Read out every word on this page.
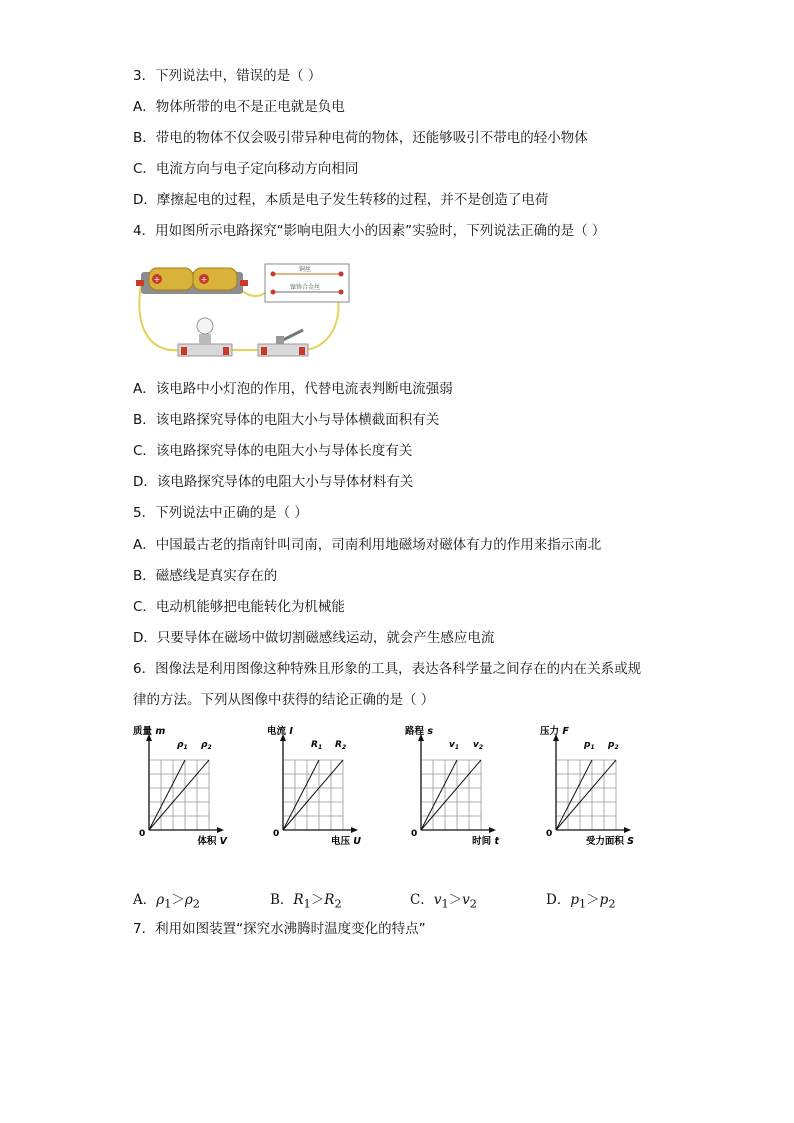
3．下列说法中，错误的是（ ）
A．物体所带的电不是正电就是负电
B．带电的物体不仅会吸引带异种电荷的物体，还能够吸引不带电的轻小物体
C．电流方向与电子定向移动方向相同
D．摩擦起电的过程，本质是电子发生转移的过程，并不是创造了电荷
4．用如图所示电路探究“影响电阻大小的因素”实验时，下列说法正确的是（ ）
+	+
铜丝
镍铬合金丝
A．该电路中小灯泡的作用，代替电流表判断电流强弱
B．该电路探究导体的电阻大小与导体横截面积有关
C．该电路探究导体的电阻大小与导体长度有关
D．该电路探究导体的电阻大小与导体材料有关
5．下列说法中正确的是（ ）
A．中国最古老的指南针叫司南，司南利用地磁场对磁体有力的作用来指示南北
B．磁感线是真实存在的
C．电动机能够把电能转化为机械能
D．只要导体在磁场中做切割磁感线运动，就会产生感应电流
6．图像法是利用图像这种特殊且形象的工具，表达各科学量之间存在的内在关系或规
律的方法。下列从图像中获得的结论正确的是（ ）
0
质量 m
体积 V
$\rho_1$ $\rho_2$
0
电流 I
电压 U
$R_1$ $R_2$
0
路程 s
时间 t
$v_1$ $v_2$
0
压力 F
受力面积 S
$p_1$ $p_2$
A．$\rho_1>\rho_2$	B．$R_1>R_2$	C．$v_1>v_2$	D．$p_1>p_2$
7．利用如图装置“探究水沸腾时温度变化的特点”
